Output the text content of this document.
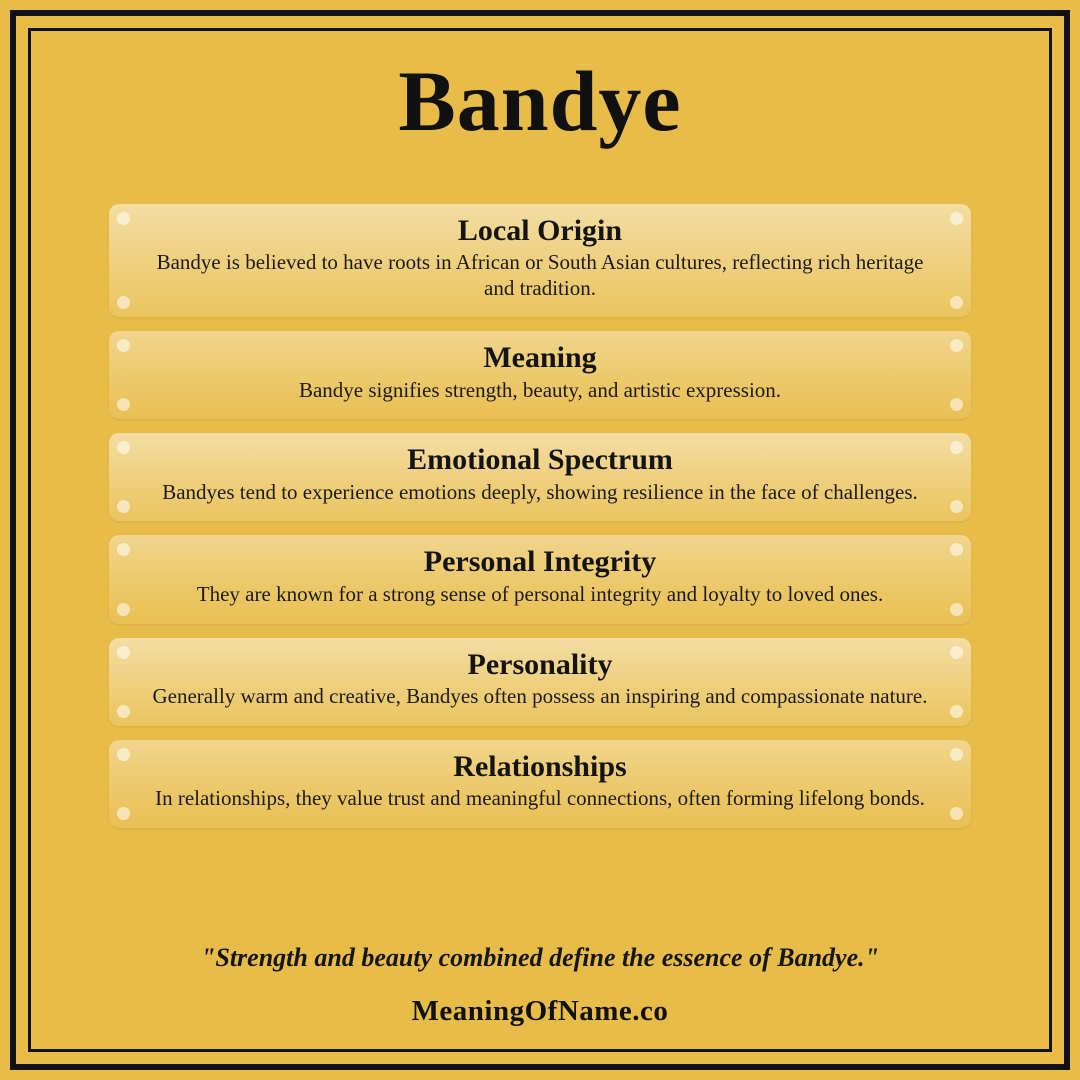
Bandye
Local Origin
Bandye is believed to have roots in African or South Asian cultures, reflecting rich heritage and tradition.
Meaning
Bandye signifies strength, beauty, and artistic expression.
Emotional Spectrum
Bandyes tend to experience emotions deeply, showing resilience in the face of challenges.
Personal Integrity
They are known for a strong sense of personal integrity and loyalty to loved ones.
Personality
Generally warm and creative, Bandyes often possess an inspiring and compassionate nature.
Relationships
In relationships, they value trust and meaningful connections, often forming lifelong bonds.

"Strength and beauty combined define the essence of Bandye."

MeaningOfName.co
